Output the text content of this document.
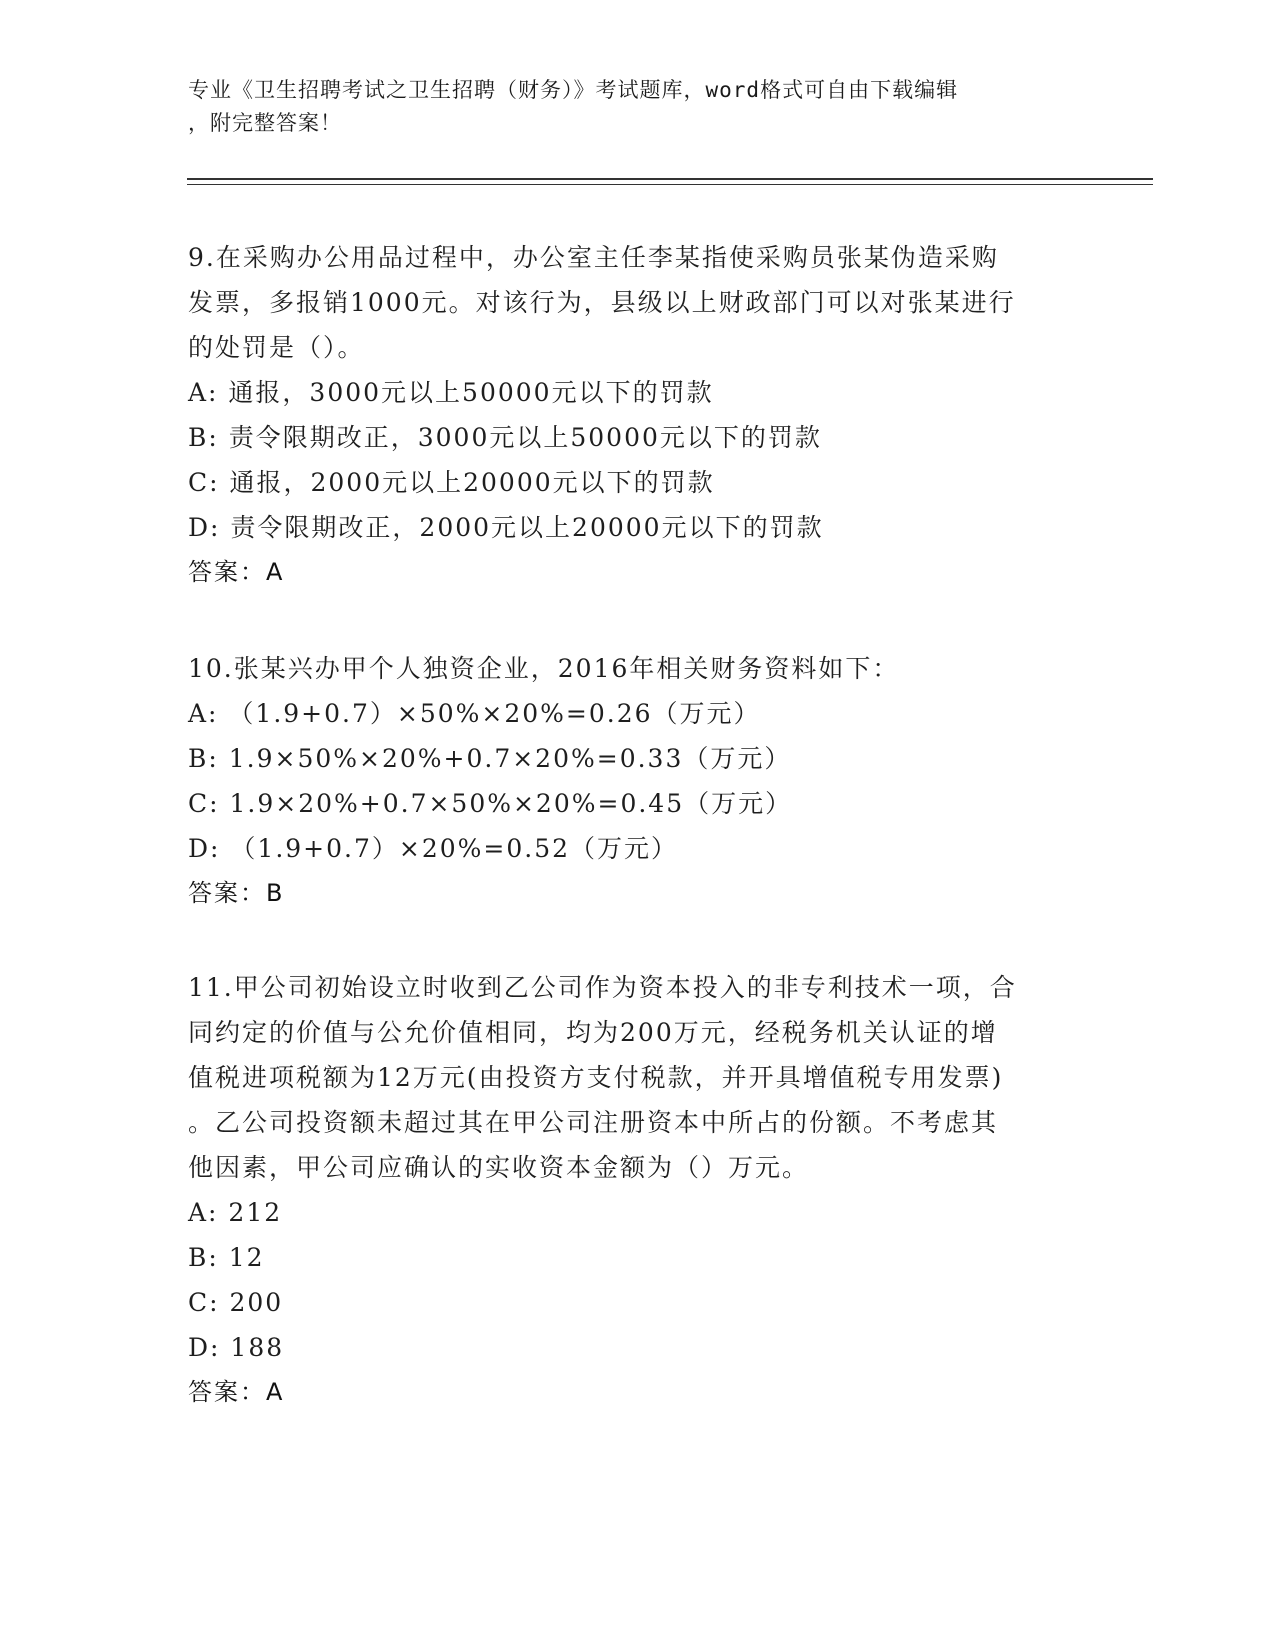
专业《卫生招聘考试之卫生招聘（财务）》考试题库，word格式可自由下载编辑
，附完整答案！
9.在采购办公用品过程中，办公室主任李某指使采购员张某伪造采购
发票，多报销1000元。对该行为，县级以上财政部门可以对张某进行
的处罚是（）。
A: 通报，3000元以上50000元以下的罚款
B: 责令限期改正，3000元以上50000元以下的罚款
C: 通报，2000元以上20000元以下的罚款
D: 责令限期改正，2000元以上20000元以下的罚款
答案：A
10.张某兴办甲个人独资企业，2016年相关财务资料如下：
A: （1.9+0.7）×50%×20%=0.26（万元）
B: 1.9×50%×20%+0.7×20%=0.33（万元）
C: 1.9×20%+0.7×50%×20%=0.45（万元）
D: （1.9+0.7）×20%=0.52（万元）
答案：B
11.甲公司初始设立时收到乙公司作为资本投入的非专利技术一项，合
同约定的价值与公允价值相同，均为200万元，经税务机关认证的增
值税进项税额为12万元(由投资方支付税款，并开具增值税专用发票)
。乙公司投资额未超过其在甲公司注册资本中所占的份额。不考虑其
他因素，甲公司应确认的实收资本金额为（）万元。
A: 212
B: 12
C: 200
D: 188
答案：A
